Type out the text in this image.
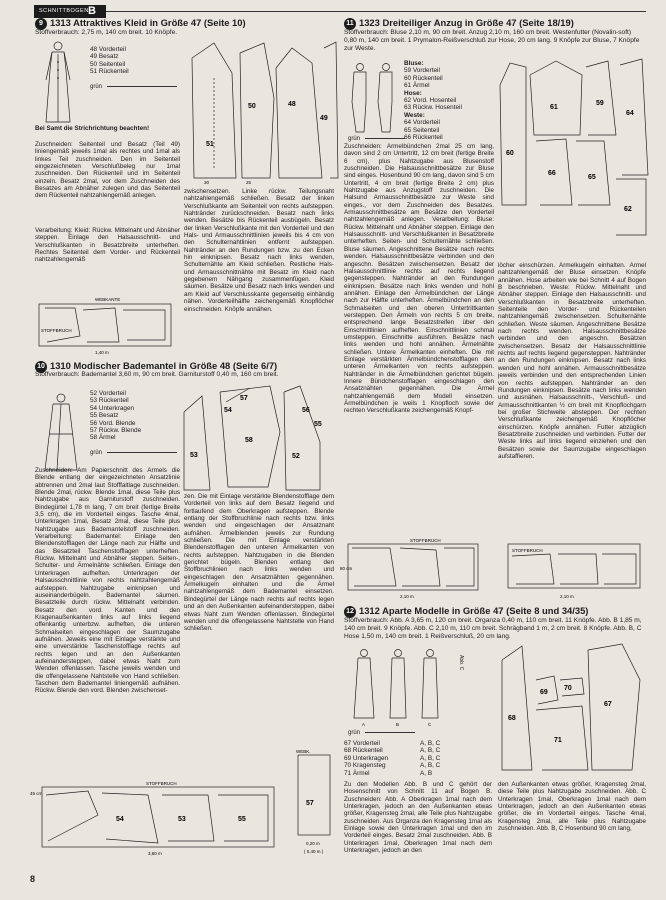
SCHNITTBOGEN B
9 1313 Attraktives Kleid in Größe 47 (Seite 10)
Stoffverbrauch: 2,75 m, 140 cm breit. 10 Knöpfe.
48 Vorderteil
49 Besatz
50 Seitenteil
51 Rückenteil
grün
51
50	48
49
30	25
Bei Samt die Strichrichtung beachten!
Zuschneiden: Seitenteil und Besatz (Teil 49) liniengemäß jeweils 1mal als rechtes und 1mal als linkes Teil zuschneiden. Den im Seitenteil eingezeichneten Verschlußbeleg nur 1mal zuschneiden. Den Rückenteil und im Seitenteil einzeln. Besatz 2mal, vor dem Zuschneiden des Besatzes am Abnäher zulegen und das Seitenteil dem Rückenteil nahtzahlengemäß anlegen.
Verarbeitung: Kleid: Rückw. Mittelnaht und Abnäher steppen. Einlage den Halsausschnitt- und Verschlußkanten in Besatzbreite unterheften. Rechtes Seitenteil dem Vorder- und Rückenteil nahtzahlengemäß
zwischensetzen. Linke rückw. Teilungsnaht nahtzahlengemäß schließen. Besatz der linken Verschlußkante am Seitenteil von rechts aufsteppen. Nahtränder zurückschneiden. Besatz nach links wenden. Besätze bis Rückenteil ausbügeln. Besatz der linken Verschlußkante mit den Vorderteil und den Hals- und Armausschnittlinien jeweils bis 4 cm von den Schulternahtlinien entfernt aufsteppen. Nahtränder an den Rundungen bzw. zu den Ecken hin einknipsen. Besatz nach links wenden, Schulternähte am Kleid schließen. Restliche Hals- und Armausschnittnähte mit Besatz im Kleid nach gegebenem Nähgang zusammenfügen. Kleid säumen. Besätze und Besatz nach links wenden und am Kleid auf Verschlusskante gegenseitig einhändig nähen. Vorderteilhälfte zeichengemäß Knopflöcher einschneiden. Knöpfe annähen.
WEBKANTE
STOFFBRUCH
1,40 m
10 1310 Modischer Bademantel in Größe 48 (Seite 6/7)
Stoffverbrauch: Bademantel 3,60 m, 90 cm breit. Garniturstoff 0,40 m, 160 cm breit.
52 Vorderteil
53 Rückenteil
54 Unterkragen
55 Besatz
56 Vord. Blende
57 Rückw. Blende
58 Ärmel
grün	53
58
57
54
52
56
55
Zuschneiden: Am Papierschnitt des Ärmels die Blende entlang der eingezeichneten Ansatzlinie abtrennen und 2mal laut Stofffaltlage zuschneiden. Blende 2mal, rückw. Blende 1mal, diese Teile plus Nahtzugabe aus Garniturstoff zuschneiden. Bindegürtel 1,78 m lang, 7 cm breit (fertige Breite 3,5 cm), die im Vorderteil einges. Tasche 4mal, Unterkragen 1mal, Besatz 2mal, diese Teile plus Nahtzugabe aus Bademantelstoff zuschneiden. Verarbeitung: Bademantel: Einlage den Blendenstofflagen der Länge nach zur Hälfte und das Besatzteil Taschenstofflagen unterheften. Rückw. Mittelnaht und Abnäher steppen. Seiten-, Schulter- und Ärmelnähte schließen. Einlage den Unterkragen aufheften. Unterkragen der Halsausschnittlinie von rechts nahtzahlengemäß aufsteppen. Nahtzugabe einknipsen und auseinanderbügeln. Bademantel säumen. Besatzteile durch rückw. Mittelnaht verbinden. Besatz den vord. Kanten und den Kragenaußenkanten links auf links liegend offenkantig unterbzw. aufheften, die unteren Schmalseiten eingeschlagen der Saumzugabe aufnähen. Jeweils eine mit Einlage verstärkte und eine unverstärkte Taschenstofflage rechts auf rechts legen und an den Außenkanten aufeinandersteppen, dabei etwas Naht zum Wenden offenlassen. Tasche jeweils wenden und die offengelassene Nahtstelle von Hand schließen. Taschen dem Bademantel liniengemäß aufnähen. Rückw. Blende den vord. Blenden zwischenset-
zen. Die mit Einlage verstärkte Blendenstofflage dem Vorderteil von links auf dem Besatz liegend und fortlaufend dem Oberkragen aufsteppen. Blende entlang der Stoffbruchlinie nach rechts bzw. links wenden und eingeschlagen der Ansatznaht aufnähen. Ärmelblenden jeweils zur Rundung schließen. Die mit Einlage verstärkten Blendenstofflagen den unteren Ärmelkanten von rechts aufsteppen. Nahtzugaben in die Blenden gerichtet bügeln. Blenden entlang den Stoffbruchlinien nach links wenden und eingeschlagen den Ansatznähten gegennähen. Ärmelkugeln einhalten und die Ärmel nahtzahlengemäß dem Bademantel einsetzen. Bindegürtel der Länge nach rechts auf rechts legen und an den Außenkanten aufeinandersteppen, dabei etwas Naht zum Wenden offenlassen. Bindegürtel wenden und die offengelassene Nahtstelle von Hand schließen.
45 cm
STOFFBRUCH
54	53	55
3,60 m
WEBK.
57
0,20 m
( 0,40 m )
8
11 1323 Dreiteiliger Anzug in Größe 47 (Seite 18/19)
Stoffverbrauch: Bluse 2,10 m, 90 cm breit. Anzug 2,10 m, 160 cm breit. Westenfutter (Novalin-soft) 0,80 m, 140 cm breit. 1 Prymalon-Reißverschluß zur Hose, 20 cm lang. 9 Knöpfe zur Bluse, 7 Knöpfe zur Weste.
Bluse:
59 Vorderteil
60 Rückenteil
61 Ärmel
Hose:
62 Vord. Hosenteil
63 Rückw. Hosenteil
Weste:
64 Vorderteil
65 Seitenteil
66 Rückenteil
grün
60
61
59
64
66
65
62
Zuschneiden: Ärmelbündchen 2mal 25 cm lang, davon sind 2 cm Untertritt, 12 cm breit (fertige Breite 6 cm), plus Nahtzugabe aus Blusenstoff zuschneiden. Die Halsausschnittbesätze zur Bluse sind einges. Hosenbund 90 cm lang, davon sind 5 cm Untertritt, 4 cm breit (fertige Breite 2 cm) plus Nahtzugabe aus Anzugstoff zuschneiden. Die Halsund Armausschnittbesätze zur Weste sind einges., vor dem Zuschneiden des Besatzes. Armausschnittbesätze am Besätze den Vorderteil nahtzahlengemäß anlegen. Verarbeitung: Bluse: Rückw. Mittelnaht und Abnäher steppen. Einlage den Halsausschnitt- und Verschlußkanten in Besatzbreite unterheften. Seiten- und Schulternähte schließen. Bluse säumen. Angeschnittene Besätze nach rechts wenden. Halsausschnittbesätze verbinden und den angeschn. Besätzen zwischensetzen. Besatz der Halsausschnittlinie rechts auf rechts liegend gegensteppen. Nahtränder an den Rundungen einknipsen. Besätze nach links wenden und hohl annähen. Einlage den Ärmelbündchen der Länge nach zur Hälfte unterheften. Ärmelbündchen an den Schmalseiten und den oberen Untertrittkanten versteppen. Den Ärmeln von rechts 5 cm breite, entsprechend lange Besatzstreifen über den Einschnittlinien aufheften. Einschnittlinien schmal umsteppen. Einschnitte ausführen. Besätze nach links wenden und hohl annähen. Ärmelnähte schließen. Untere Ärmelkanten einheften. Die mit Einlage verstärkten Ärmelbündchenstofflagen den unteren Ärmelkanten von rechts aufsteppen. Nahtränder in die Ärmelbündchen gerichtet bügeln. Innere Bündchenstofflagen eingeschlagen den Ansatznähten gegennähen. Die Ärmel nahtzahlengemäß dem Modell einsetzen. Ärmelbündchen je weils 1 Knopfloch sowie der rechten Verschlußkante zeichengemäß Knopf-
löcher einschürzen. Ärmelkugeln einhalten. Ärmel nahtzahlengemäß der Bluse einsetzen. Knöpfe annähen. Hose arbeiten wie bei Schnitt 4 auf Bogen B beschrieben. Weste: Rückw. Mittelnaht und Abnäher steppen. Einlage den Halsausschnitt- und Verschlußkanten in Besatzbreite unterheften. Seitenteile den Vorder- und Rückenteilen nahtzahlengemäß zwischensetzen. Schulternähte schließen. Weste säumen. Angeschnittene Besätze nach rechts wenden. Halsausschnittbesätze verbinden und den angeschn. Besätzen zwischensetzen. Besatz der Halsausschnittlinie rechts auf rechts liegend gegensteppen. Nahtränder an den Rundungen einknipsen. Besatz nach links wenden und hohl annähen. Armausschnittbesätze jeweils verbinden und den entsprechenden Linien von rechts aufsteppen. Nahtränder an den Rundungen einknipsen. Besätze nach links wenden und ausnähen. Halsausschnitt-, Verschluß- und Armausschnittkanten ½ cm breit mit Knopflochgarn bei großer Stichweite absteppen. Der rechten Verschlußkante zeichengemäß Knopflöcher einschürzen. Knöpfe annähen. Futter abzüglich Besatzbreite zuschneiden und verbinden. Futter der Weste links auf links liegend einziehen und den Besätzen sowie der Saumzugabe eingeschlagen aufstaffieren.
STOFFBRUCH
80 cm
2,10 m
STOFFBRUCH
2,10 m
12 1312 Aparte Modelle in Größe 47 (Seite 8 und 34/35)
Stoffverbrauch: Abb. A 3,65 m, 120 cm breit. Organza 0,40 m, 110 cm breit. 11 Knöpfe. Abb. B 1,85 m, 140 cm breit. 9 Knöpfe. Abb. C 2,10 m, 110 cm breit. Schrägband 1 m, 2 cm breit. 8 Knöpfe. Abb. B, C Hose 1,50 m, 140 cm breit. 1 Reißverschluß, 20 cm lang.
A	B	C
Abb. C
grün
67 Vorderteil	A, B, C
68 Rückenteil	A, B, C
69 Unterkragen	A, B, C
70 Kragensteg	A, B, C
71 Ärmel	A, B
68
69
70
67
71
Zu den Modellen Abb. B und C gehört der Hosenschnitt von Schnitt 11 auf Bogen B. Zuschneiden: Abb. A Oberkragen 1mal nach dem Unterkragen, jedoch an den Außenkanten etwas größer, Kragensteg 2mal, alle Teile plus Nahtzugabe zuschneiden. Aus Organza den Kragensteg 1mal als Einlage sowie den Unterkragen 1mal und den im Vorderteil einges. Besatz 2mal zuschneiden. Abb. B Unterkragen 1mal, Oberkragen 1mal nach dem Unterkragen, jedoch an den
den Außenkanten etwas größer, Kragensteg 2mal, diese Teile plus Nahtzugabe zuschneiden. Abb. C Unterkragen 1mal, Oberkragen 1mal nach dem Unterkragen, jedoch an den Außenkanten etwas größer, die im Vorderteil einges. Tasche 4mal, Kragensteg 2mal, alle Teile plus Nahtzugabe zuschneiden. Abb. B, C Hosenbund 90 cm lang,
